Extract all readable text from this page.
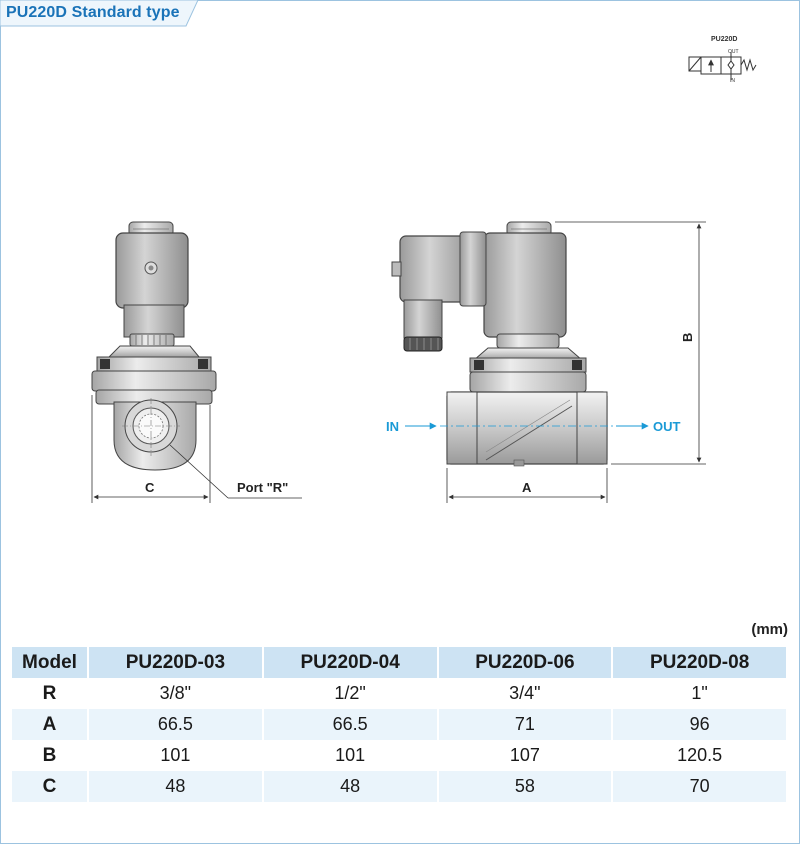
PU220D Standard type
PU220D
OUT
IN
C	Port "R"
IN	OUT
A
B
(mm)
Model	PU220D-03	PU220D-04	PU220D-06	PU220D-08
R	3/8"	1/2"	3/4"	1"
A	66.5	66.5	71	96
B	101	101	107	120.5
C	48	48	58	70
